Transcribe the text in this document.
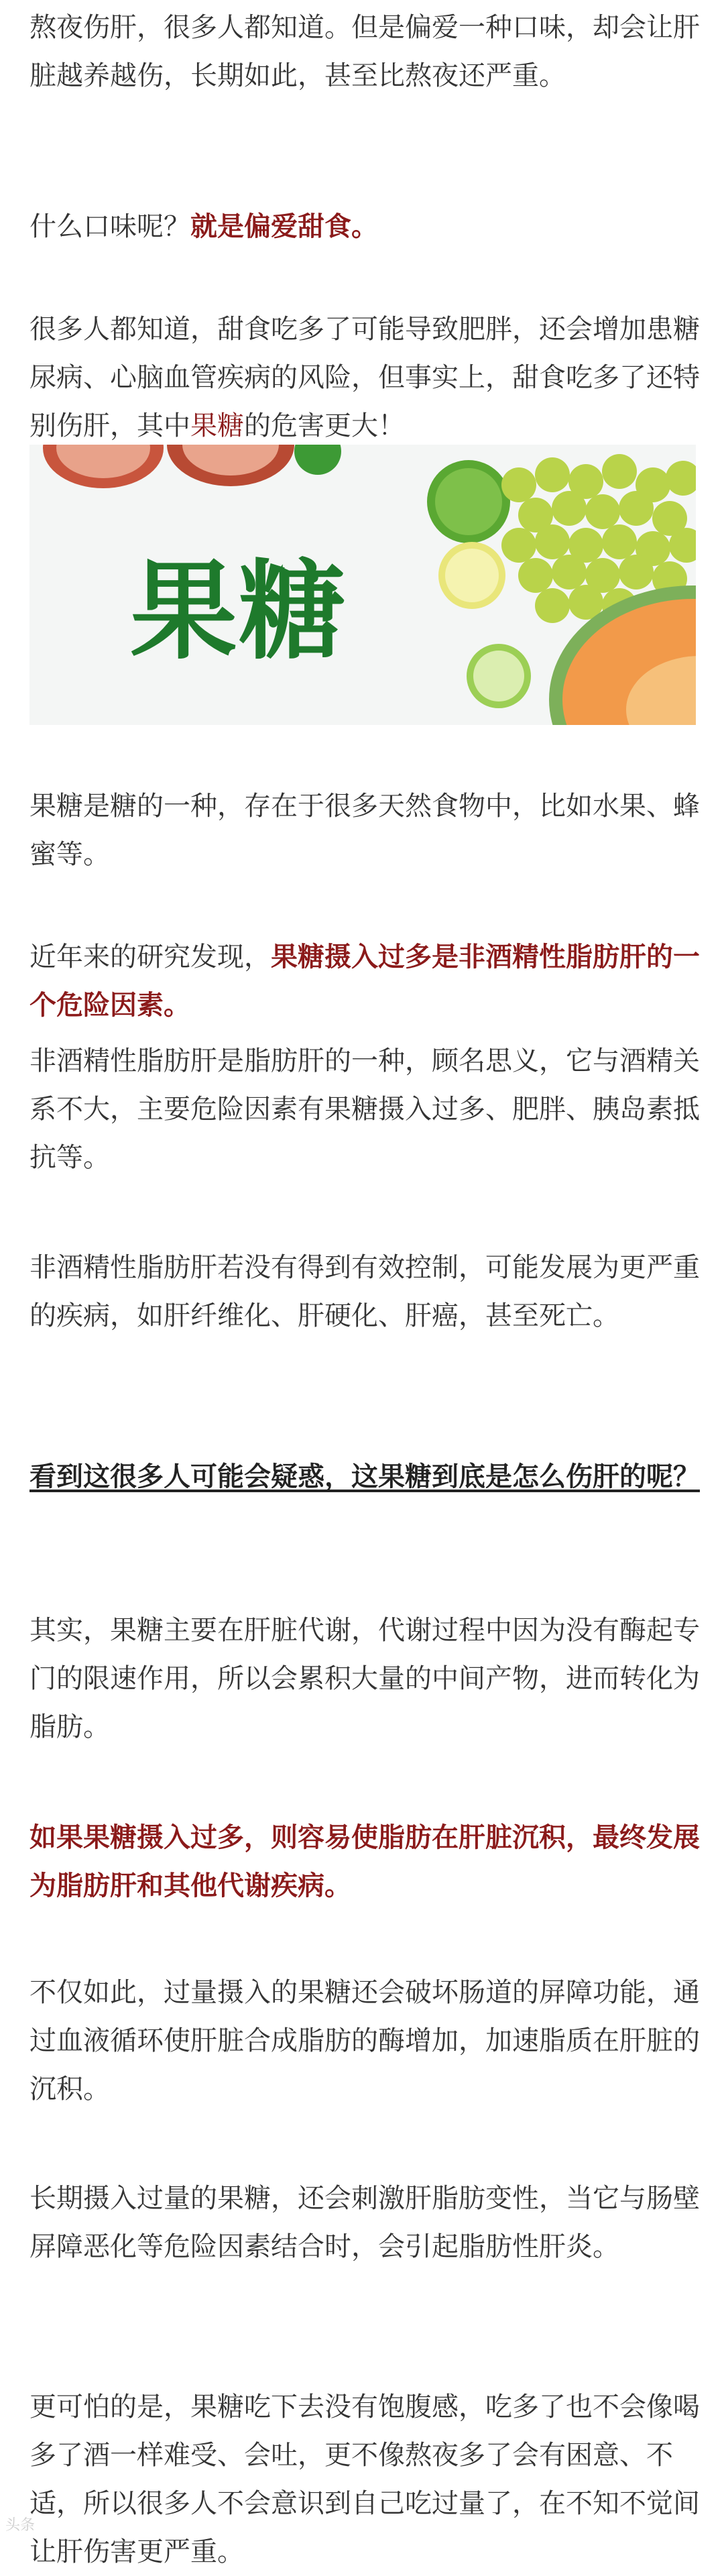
熬夜伤肝，很多人都知道。但是偏爱一种口味，却会让肝脏越养越伤，长期如此，甚至比熬夜还严重。

什么口味呢？就是偏爱甜食。

很多人都知道，甜食吃多了可能导致肥胖，还会增加患糖尿病、心脑血管疾病的风险，但事实上，甜食吃多了还特别伤肝，其中果糖的危害更大！

果糖

果糖是糖的一种，存在于很多天然食物中，比如水果、蜂蜜等。

近年来的研究发现，果糖摄入过多是非酒精性脂肪肝的一个危险因素。

非酒精性脂肪肝是脂肪肝的一种，顾名思义，它与酒精关系不大，主要危险因素有果糖摄入过多、肥胖、胰岛素抵抗等。

非酒精性脂肪肝若没有得到有效控制，可能发展为更严重的疾病，如肝纤维化、肝硬化、肝癌，甚至死亡。

看到这很多人可能会疑惑，这果糖到底是怎么伤肝的呢？

其实，果糖主要在肝脏代谢，代谢过程中因为没有酶起专门的限速作用，所以会累积大量的中间产物，进而转化为脂肪。

如果果糖摄入过多，则容易使脂肪在肝脏沉积，最终发展为脂肪肝和其他代谢疾病。

不仅如此，过量摄入的果糖还会破坏肠道的屏障功能，通过血液循环使肝脏合成脂肪的酶增加，加速脂质在肝脏的沉积。

长期摄入过量的果糖，还会刺激肝脂肪变性，当它与肠壁屏障恶化等危险因素结合时，会引起脂肪性肝炎。

更可怕的是，果糖吃下去没有饱腹感，吃多了也不会像喝多了酒一样难受、会吐，更不像熬夜多了会有困意、不适，所以很多人不会意识到自己吃过量了，在不知不觉间让肝伤害更严重。

头条
